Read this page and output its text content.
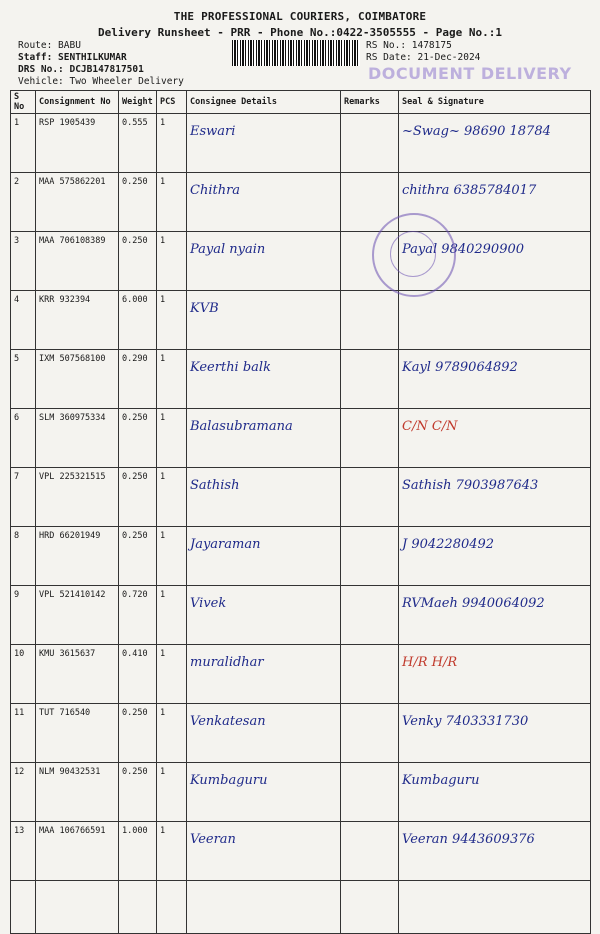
THE PROFESSIONAL COURIERS, COIMBATORE
Delivery Runsheet - PRR - Phone No.:0422-3505555 - Page No.:1
Route: BABU
Staff: SENTHILKUMAR
DRS No.: DCJB147817501
Vehicle: Two Wheeler Delivery
RS No.: 1478175
RS Date: 21-Dec-2024
DOCUMENT DELIVERY
S No	Consignment No	Weight	PCS	Consignee Details	Remarks	Seal & Signature
1	RSP 1905439	0.555	1	Eswari		~Swag~ 98690 18784
2	MAA 575862201	0.250	1	Chithra		chithra 6385784017
3	MAA 706108389	0.250	1	Payal nyain		Payal 9840290900
4	KRR 932394	6.000	1	KVB		
5	IXM 507568100	0.290	1	Keerthi balk		Kayl 9789064892
6	SLM 360975334	0.250	1	Balasubramana		C/N C/N
7	VPL 225321515	0.250	1	Sathish		Sathish 7903987643
8	HRD 66201949	0.250	1	Jayaraman		J 9042280492
9	VPL 521410142	0.720	1	Vivek		RVMaeh 9940064092
10	KMU 3615637	0.410	1	muralidhar		H/R H/R
11	TUT 716540	0.250	1	Venkatesan		Venky 7403331730
12	NLM 90432531	0.250	1	Kumbaguru		Kumbaguru
13	MAA 106766591	1.000	1	Veeran		Veeran 9443609376
